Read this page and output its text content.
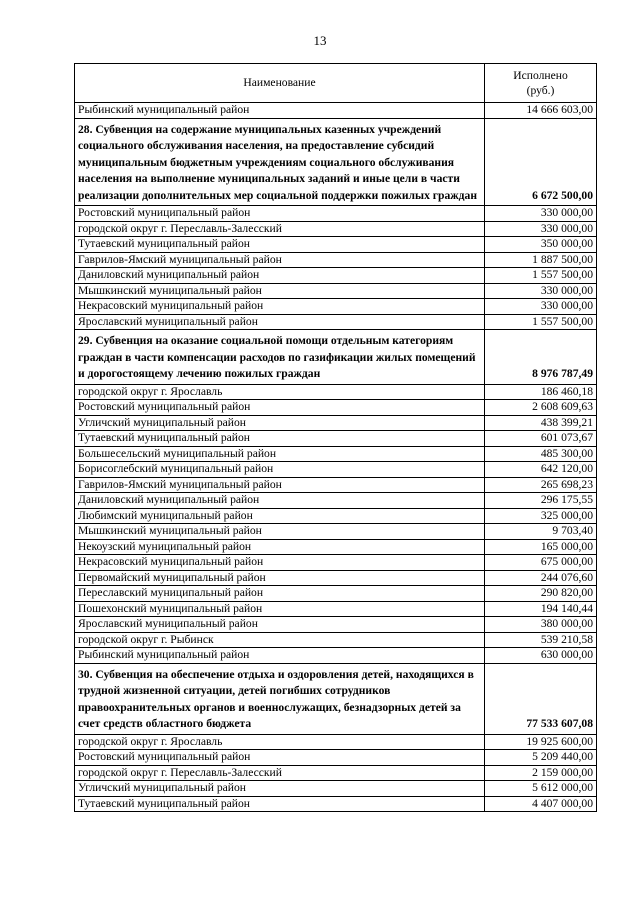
13
Наименование	Исполнено
(руб.)
Рыбинский муниципальный район	14 666 603,00
28. Субвенция на содержание муниципальных казенных учреждений социального обслуживания населения, на предоставление субсидий муниципальным бюджетным учреждениям социального обслуживания населения на выполнение муниципальных заданий и иные цели в части реализации дополнительных мер социальной поддержки пожилых граждан	6 672 500,00
Ростовский муниципальный район	330 000,00
городской округ г. Переславль-Залесский	330 000,00
Тутаевский муниципальный район	350 000,00
Гаврилов-Ямский муниципальный район	1 887 500,00
Даниловский муниципальный район	1 557 500,00
Мышкинский муниципальный район	330 000,00
Некрасовский муниципальный район	330 000,00
Ярославский муниципальный район	1 557 500,00
29. Субвенция на оказание социальной помощи отдельным категориям граждан в части компенсации расходов по газификации жилых помещений и дорогостоящему лечению пожилых граждан	8 976 787,49
городской округ г. Ярославль	186 460,18
Ростовский муниципальный район	2 608 609,63
Угличский муниципальный район	438 399,21
Тутаевский муниципальный район	601 073,67
Большесельский муниципальный район	485 300,00
Борисоглебский муниципальный район	642 120,00
Гаврилов-Ямский муниципальный район	265 698,23
Даниловский муниципальный район	296 175,55
Любимский муниципальный район	325 000,00
Мышкинский муниципальный район	9 703,40
Некоузский муниципальный район	165 000,00
Некрасовский муниципальный район	675 000,00
Первомайский муниципальный район	244 076,60
Переславский муниципальный район	290 820,00
Пошехонский муниципальный район	194 140,44
Ярославский муниципальный район	380 000,00
городской округ г. Рыбинск	539 210,58
Рыбинский муниципальный район	630 000,00
30. Субвенция на обеспечение отдыха и оздоровления детей, находящихся в трудной жизненной ситуации, детей погибших сотрудников правоохранительных органов и военнослужащих, безнадзорных детей за счет средств областного бюджета	77 533 607,08
городской округ г. Ярославль	19 925 600,00
Ростовский муниципальный район	5 209 440,00
городской округ г. Переславль-Залесский	2 159 000,00
Угличский муниципальный район	5 612 000,00
Тутаевский муниципальный район	4 407 000,00
